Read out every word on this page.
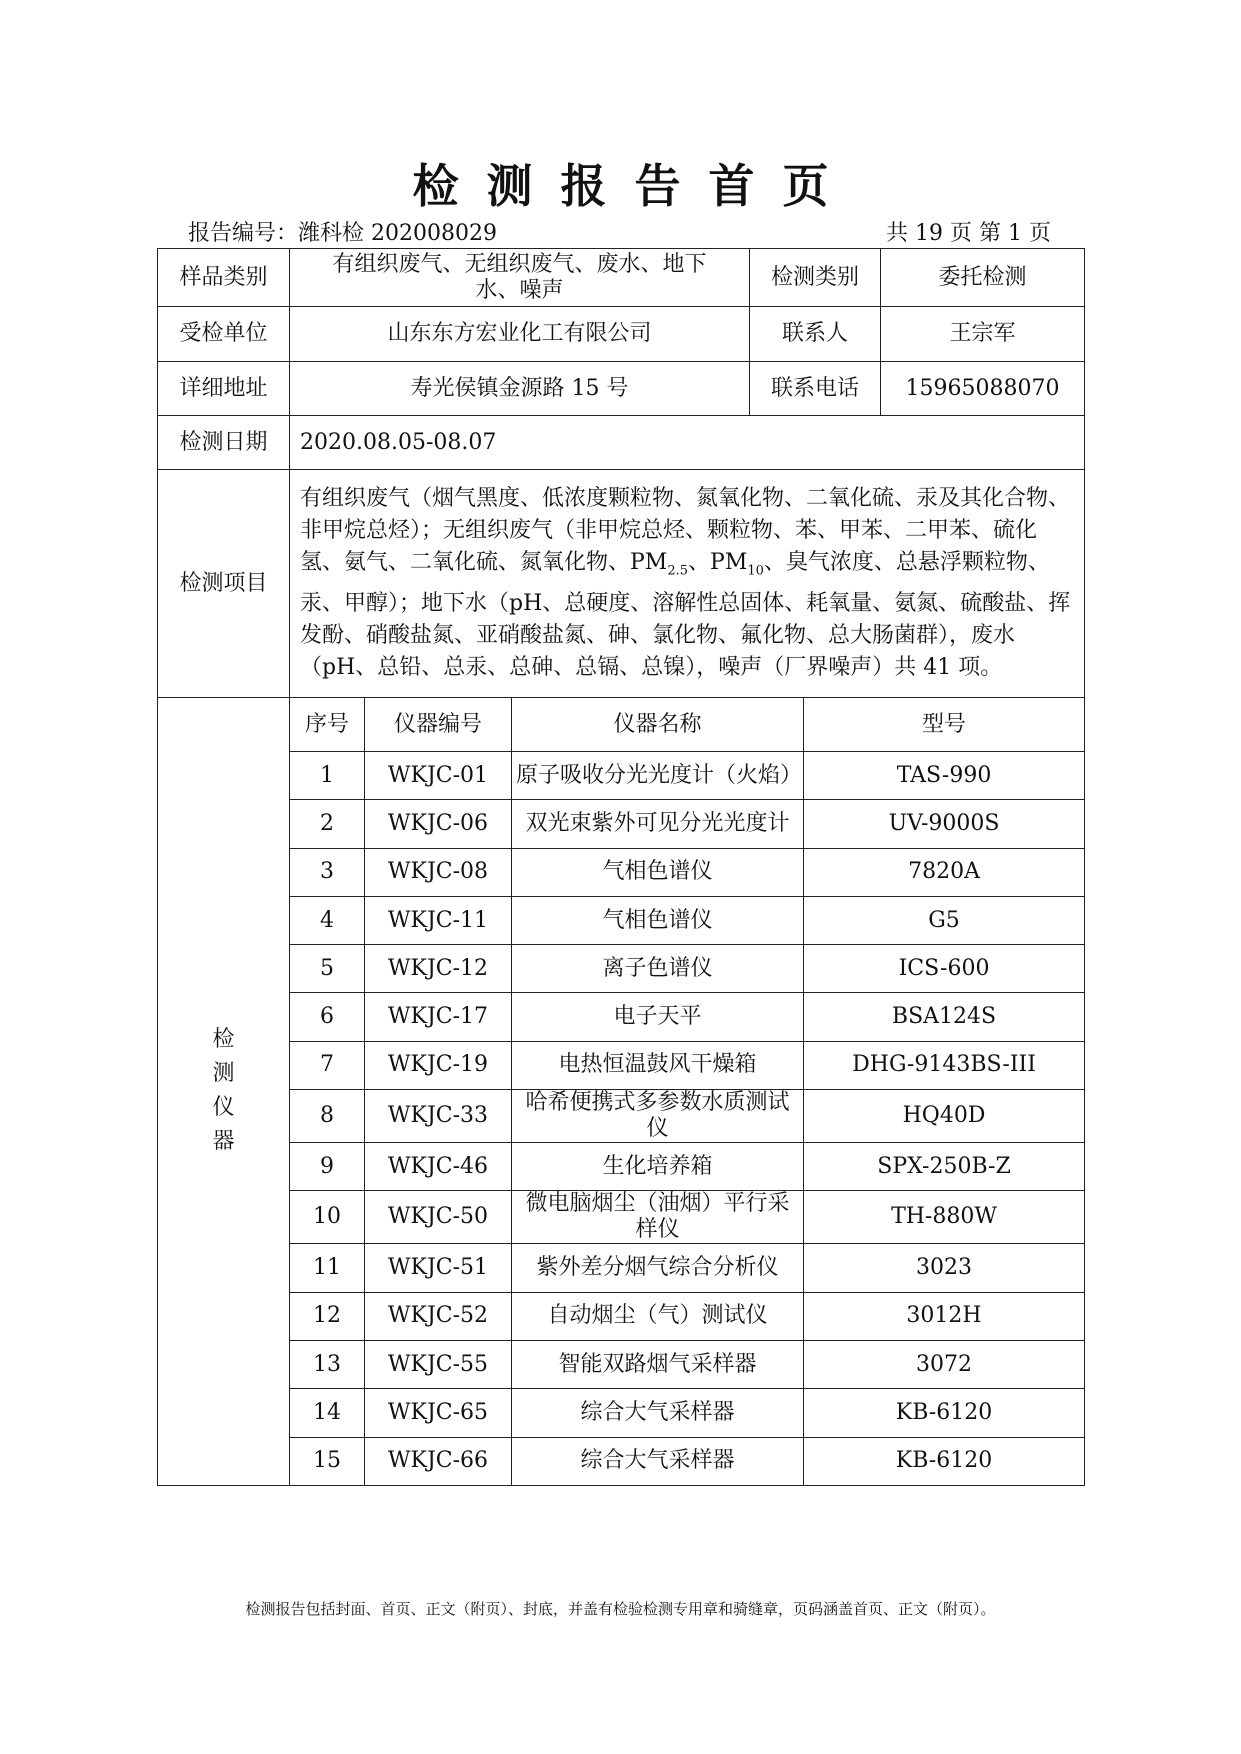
检测报告首页
报告编号：潍科检 202008029	共 19 页 第 1 页
样品类别	有组织废气、无组织废气、废水、地下水、噪声			检测类别		委托检测
受检单位	山东东方宏业化工有限公司			联系人		王宗军
详细地址	寿光侯镇金源路 15 号			联系电话		15965088070
检测日期	2020.08.05-08.07					
检测项目	有组织废气（烟气黑度、低浓度颗粒物、氮氧化物、二氧化硫、汞及其化合物、非甲烷总烃）；无组织废气（非甲烷总烃、颗粒物、苯、甲苯、二甲苯、硫化氢、氨气、二氧化硫、氮氧化物、$PM_{2.5}$、$PM_{10}$、臭气浓度、总悬浮颗粒物、汞、甲醇）；地下水（pH、总硬度、溶解性总固体、耗氧量、氨氮、硫酸盐、挥发酚、硝酸盐氮、亚硝酸盐氮、砷、氯化物、氟化物、总大肠菌群），废水（pH、总铅、总汞、总砷、总镉、总镍），噪声（厂界噪声）共 41 项。					

检
测
仪
器	序号	仪器编号	仪器名称		型号	
	1	WKJC-01	原子吸收分光光度计（火焰）		TAS-990	
	2	WKJC-06	双光束紫外可见分光光度计		UV-9000S	
	3	WKJC-08	气相色谱仪		7820A	
	4	WKJC-11	气相色谱仪		G5	
	5	WKJC-12	离子色谱仪		ICS-600	
	6	WKJC-17	电子天平		BSA124S	
	7	WKJC-19	电热恒温鼓风干燥箱		DHG-9143BS-III	
	8	WKJC-33	哈希便携式多参数水质测试仪		HQ40D	
	9	WKJC-46	生化培养箱		SPX-250B-Z	
	10	WKJC-50	微电脑烟尘（油烟）平行采样仪		TH-880W	
	11	WKJC-51	紫外差分烟气综合分析仪		3023	
	12	WKJC-52	自动烟尘（气）测试仪		3012H	
	13	WKJC-55	智能双路烟气采样器		3072	
	14	WKJC-65	综合大气采样器		KB-6120	
	15	WKJC-66	综合大气采样器		KB-6120	
检测报告包括封面、首页、正文（附页）、封底，并盖有检验检测专用章和骑缝章，页码涵盖首页、正文（附页）。
